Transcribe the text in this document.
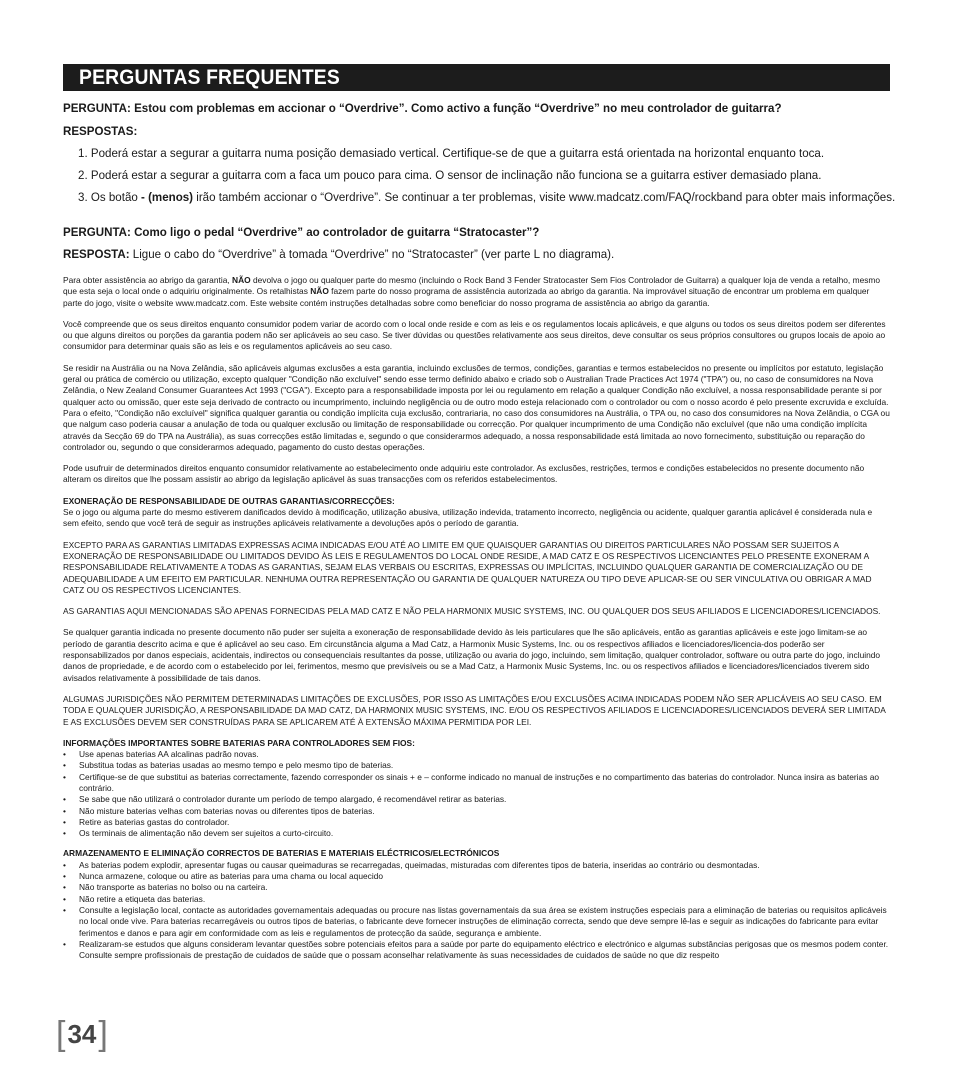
PERGUNTAS FREQUENTES
PERGUNTA: Estou com problemas em accionar o “Overdrive”. Como activo a função “Overdrive” no meu controlador de guitarra?
RESPOSTAS:
1. Poderá estar a segurar a guitarra numa posição demasiado vertical. Certifique-se de que a guitarra está orientada na horizontal enquanto toca.
2. Poderá estar a segurar a guitarra com a faca um pouco para cima. O sensor de inclinação não funciona se a guitarra estiver demasiado plana.
3. Os botão - (menos) irão também accionar o “Overdrive”. Se continuar a ter problemas, visite www.madcatz.com/FAQ/rockband para obter mais informações.
PERGUNTA: Como ligo o pedal “Overdrive” ao controlador de guitarra “Stratocaster”?
RESPOSTA: Ligue o cabo do “Overdrive” à tomada “Overdrive” no “Stratocaster” (ver parte L no diagrama).

Para obter assistência ao abrigo da garantia, NÃO devolva o jogo ou qualquer parte do mesmo (incluindo o Rock Band 3 Fender Stratocaster Sem Fios Controlador de Guitarra) a qualquer loja de venda a retalho, mesmo que esta seja o local onde o adquiriu originalmente. Os retalhistas NÃO fazem parte do nosso programa de assistência autorizada ao abrigo da garantia. Na improvável situação de encontrar um problema em qualquer parte do jogo, visite o website www.madcatz.com. Este website contém instruções detalhadas sobre como beneficiar do nosso programa de assistência ao abrigo da garantia.

Você compreende que os seus direitos enquanto consumidor podem variar de acordo com o local onde reside e com as leis e os regulamentos locais aplicáveis, e que alguns ou todos os seus direitos podem ser diferentes ou que alguns direitos ou porções da garantia podem não ser aplicáveis ao seu caso. Se tiver dúvidas ou questões relativamente aos seus direitos, deve consultar os seus próprios consultores ou grupos locais de apoio ao consumidor para determinar quais são as leis e os regulamentos aplicáveis ao seu caso.

Se residir na Austrália ou na Nova Zelândia, são aplicáveis algumas exclusões a esta garantia, incluindo exclusões de termos, condições, garantias e termos estabelecidos no presente ou implícitos por estatuto, legislação geral ou prática de comércio ou utilização, excepto qualquer "Condição não excluível" sendo esse termo definido abaixo e criado sob o Australian Trade Practices Act 1974 ("TPA") ou, no caso de consumidores na Nova Zelândia, o New Zealand Consumer Guarantees Act 1993 ("CGA"). Excepto para a responsabilidade imposta por lei ou regulamento em relação a qualquer Condição não excluível, a nossa responsabilidade perante si por qualquer acto ou omissão, quer este seja derivado de contracto ou incumprimento, incluindo negligência ou de outro modo esteja relacionado com o controlador ou com o nosso acordo é pelo presente excruvida e excluída. Para o efeito, "Condição não excluível" significa qualquer garantia ou condição implícita cuja exclusão, contrariaria, no caso dos consumidores na Austrália, o TPA ou, no caso dos consumidores na Nova Zelândia, o CGA ou que nalgum caso poderia causar a anulação de toda ou qualquer exclusão ou limitação de responsabilidade ou correcção. Por qualquer incumprimento de uma Condição não excluível (que não uma condição implícita através da Secção 69 do TPA na Austrália), as suas correcções estão limitadas e, segundo o que considerarmos adequado, a nossa responsabilidade está limitada ao novo fornecimento, substituição ou reparação do controlador ou, segundo o que considerarmos adequado, pagamento do custo destas operações.

Pode usufruir de determinados direitos enquanto consumidor relativamente ao estabelecimento onde adquiriu este controlador. As exclusões, restrições, termos e condições estabelecidos no presente documento não alteram os direitos que lhe possam assistir ao abrigo da legislação aplicável às suas transacções com os referidos estabelecimentos.

EXONERAÇÃO DE RESPONSABILIDADE DE OUTRAS GARANTIAS/CORRECÇÕES:

Se o jogo ou alguma parte do mesmo estiverem danificados devido à modificação, utilização abusiva, utilização indevida, tratamento incorrecto, negligência ou acidente, qualquer garantia aplicável é considerada nula e sem efeito, sendo que você terá de seguir as instruções aplicáveis relativamente a devoluções após o período de garantia.

EXCEPTO PARA AS GARANTIAS LIMITADAS EXPRESSAS ACIMA INDICADAS E/OU ATÉ AO LIMITE EM QUE QUAISQUER GARANTIAS OU DIREITOS PARTICULARES NÃO POSSAM SER SUJEITOS A EXONERAÇÃO DE RESPONSABILIDADE OU LIMITADOS DEVIDO ÀS LEIS E REGULAMENTOS DO LOCAL ONDE RESIDE, A MAD CATZ E OS RESPECTIVOS LICENCIANTES PELO PRESENTE EXONERAM A RESPONSABILIDADE RELATIVAMENTE A TODAS AS GARANTIAS, SEJAM ELAS VERBAIS OU ESCRITAS, EXPRESSAS OU IMPLÍCITAS, INCLUINDO QUALQUER GARANTIA DE COMERCIALIZAÇÃO OU DE ADEQUABILIDADE A UM EFEITO EM PARTICULAR. NENHUMA OUTRA REPRESENTAÇÃO OU GARANTIA DE QUALQUER NATUREZA OU TIPO DEVE APLICAR-SE OU SER VINCULATIVA OU OBRIGAR A MAD CATZ OU OS RESPECTIVOS LICENCIANTES.

AS GARANTIAS AQUI MENCIONADAS SÃO APENAS FORNECIDAS PELA MAD CATZ E NÃO PELA HARMONIX MUSIC SYSTEMS, INC. OU QUALQUER DOS SEUS AFILIADOS E LICENCIADORES/LICENCIADOS.

Se qualquer garantia indicada no presente documento não puder ser sujeita a exoneração de responsabilidade devido às leis particulares que lhe são aplicáveis, então as garantias aplicáveis e este jogo limitam-se ao período de garantia descrito acima e que é aplicável ao seu caso. Em circunstância alguma a Mad Catz, a Harmonix Music Systems, Inc. ou os respectivos afiliados e licenciadores/licencia-dos poderão ser responsabilizados por danos especiais, acidentais, indirectos ou consequenciais resultantes da posse, utilização ou avaria do jogo, incluindo, sem limitação, qualquer controlador, software ou outra parte do jogo, incluindo danos de propriedade, e de acordo com o estabelecido por lei, ferimentos, mesmo que previsíveis ou se a Mad Catz, a Harmonix Music Systems, Inc. ou os respectivos afiliados e licenciadores/licenciados tiverem sido avisados relativamente à possibilidade de tais danos.

ALGUMAS JURISDIÇÕES NÃO PERMITEM DETERMINADAS LIMITAÇÕES DE EXCLUSÕES, POR ISSO AS LIMITAÇÕES E/OU EXCLUSÕES ACIMA INDICADAS PODEM NÃO SER APLICÁVEIS AO SEU CASO. EM TODA E QUALQUER JURISDIÇÃO, A RESPONSABILIDADE DA MAD CATZ, DA HARMONIX MUSIC SYSTEMS, INC. E/OU OS RESPECTIVOS AFILIADOS E LICENCIADORES/LICENCIADOS DEVERÁ SER LIMITADA E AS EXCLUSÕES DEVEM SER CONSTRUÍDAS PARA SE APLICAREM ATÉ À EXTENSÃO MÁXIMA PERMITIDA POR LEI.

INFORMAÇÕES IMPORTANTES SOBRE BATERIAS PARA CONTROLADORES SEM FIOS:
• Use apenas baterias AA alcalinas padrão novas.
• Substitua todas as baterias usadas ao mesmo tempo e pelo mesmo tipo de baterias.
• Certifique-se de que substitui as baterias correctamente, fazendo corresponder os sinais + e – conforme indicado no manual de instruções e no compartimento das baterias do controlador. Nunca insira as baterias ao contrário.
• Se sabe que não utilizará o controlador durante um período de tempo alargado, é recomendável retirar as baterias.
• Não misture baterias velhas com baterias novas ou diferentes tipos de baterias.
• Retire as baterias gastas do controlador.
• Os terminais de alimentação não devem ser sujeitos a curto-circuito.
ARMAZENAMENTO E ELIMINAÇÃO CORRECTOS DE BATERIAS E MATERIAIS ELÉCTRICOS/ELECTRÓNICOS
• As baterias podem explodir, apresentar fugas ou causar queimaduras se recarregadas, queimadas, misturadas com diferentes tipos de bateria, inseridas ao contrário ou desmontadas.
• Nunca armazene, coloque ou atire as baterias para uma chama ou local aquecido
• Não transporte as baterias no bolso ou na carteira.
• Não retire a etiqueta das baterias.
• Consulte a legislação local, contacte as autoridades governamentais adequadas ou procure nas listas governamentais da sua área se existem instruções especiais para a eliminação de baterias ou requisitos aplicáveis no local onde vive. Para baterias recarregáveis ou outros tipos de baterias, o fabricante deve fornecer instruções de eliminação correcta, sendo que deve sempre lê-las e seguir as indicações do fabricante para evitar ferimentos e danos e para agir em conformidade com as leis e regulamentos de protecção da saúde, segurança e ambiente.
• Realizaram-se estudos que alguns consideram levantar questões sobre potenciais efeitos para a saúde por parte do equipamento eléctrico e electrónico e algumas substâncias perigosas que os mesmos podem conter. Consulte sempre profissionais de prestação de cuidados de saúde que o possam aconselhar relativamente às suas necessidades de cuidados de saúde no que diz respeito
[ 34 ]
